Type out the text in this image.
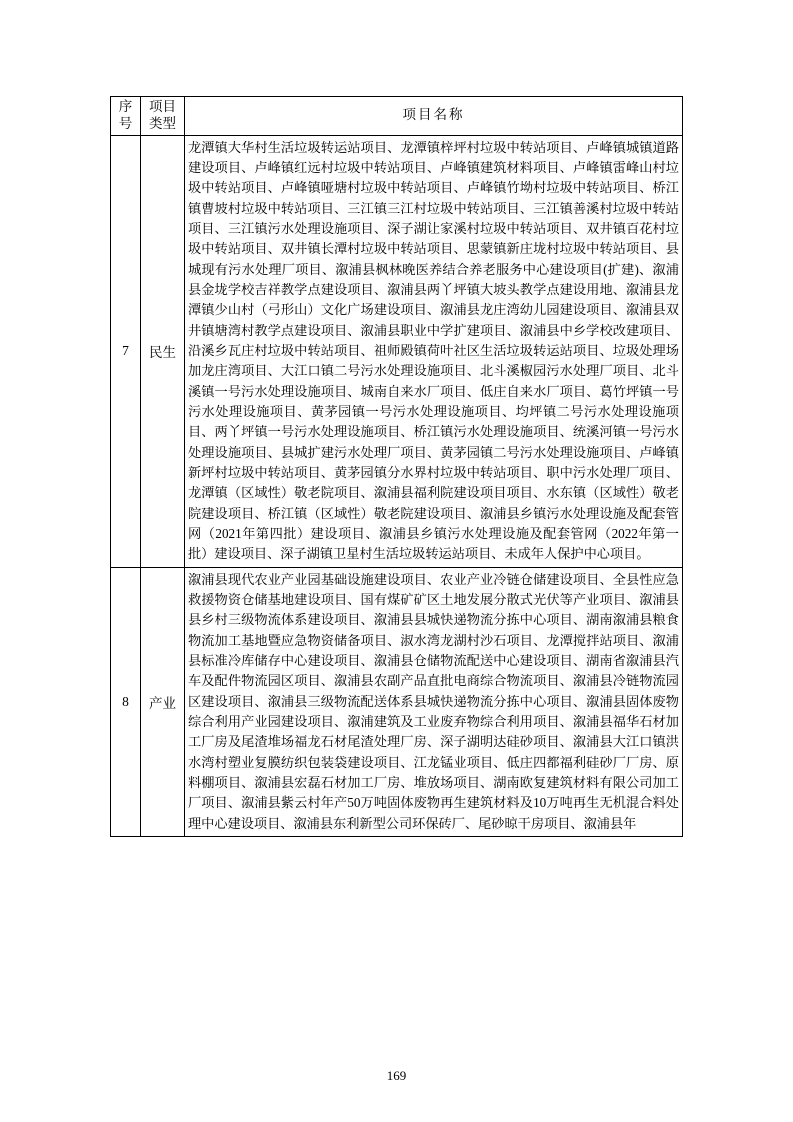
序号	项目类型	项目名称
7	民生	龙潭镇大华村生活垃圾转运站项目、龙潭镇梓坪村垃圾中转站项目、卢峰镇城镇道路建设项目、卢峰镇红远村垃圾中转站项目、卢峰镇建筑材料项目、卢峰镇雷峰山村垃圾中转站项目、卢峰镇哑塘村垃圾中转站项目、卢峰镇竹坳村垃圾中转站项目、桥江镇曹坡村垃圾中转站项目、三江镇三江村垃圾中转站项目、三江镇善溪村垃圾中转站项目、三江镇污水处理设施项目、深子湖让家溪村垃圾中转站项目、双井镇百花村垃圾中转站项目、双井镇长潭村垃圾中转站项目、思蒙镇新庄垅村垃圾中转站项目、县城现有污水处理厂项目、溆浦县枫林晚医养结合养老服务中心建设项目(扩建)、溆浦县金垅学校吉祥教学点建设项目、溆浦县两丫坪镇大坡头教学点建设用地、溆浦县龙潭镇少山村（弓形山）文化广场建设项目、溆浦县龙庄湾幼儿园建设项目、溆浦县双井镇塘湾村教学点建设项目、溆浦县职业中学扩建项目、溆浦县中乡学校改建项目、沿溪乡瓦庄村垃圾中转站项目、祖师殿镇荷叶社区生活垃圾转运站项目、垃圾处理场加龙庄湾项目、大江口镇二号污水处理设施项目、北斗溪椒园污水处理厂项目、北斗溪镇一号污水处理设施项目、城南自来水厂项目、低庄自来水厂项目、葛竹坪镇一号污水处理设施项目、黄茅园镇一号污水处理设施项目、均坪镇二号污水处理设施项目、两丫坪镇一号污水处理设施项目、桥江镇污水处理设施项目、统溪河镇一号污水处理设施项目、县城扩建污水处理厂项目、黄茅园镇二号污水处理设施项目、卢峰镇新坪村垃圾中转站项目、黄茅园镇分水界村垃圾中转站项目、职中污水处理厂项目、龙潭镇（区域性）敬老院项目、溆浦县福利院建设项目项目、水东镇（区域性）敬老院建设项目、桥江镇（区域性）敬老院建设项目、溆浦县乡镇污水处理设施及配套管网（2021年第四批）建设项目、溆浦县乡镇污水处理设施及配套管网（2022年第一批）建设项目、深子湖镇卫星村生活垃圾转运站项目、未成年人保护中心项目。
8	产业	溆浦县现代农业产业园基础设施建设项目、农业产业冷链仓储建设项目、全县性应急救援物资仓储基地建设项目、国有煤矿矿区土地发展分散式光伏等产业项目、溆浦县县乡村三级物流体系建设项目、溆浦县县城快递物流分拣中心项目、湖南溆浦县粮食物流加工基地暨应急物资储备项目、淑水湾龙湖村沙石项目、龙潭搅拌站项目、溆浦县标准冷库储存中心建设项目、溆浦县仓储物流配送中心建设项目、湖南省溆浦县汽车及配件物流园区项目、溆浦县农副产品直批电商综合物流项目、溆浦县冷链物流园区建设项目、溆浦县三级物流配送体系县城快递物流分拣中心项目、溆浦县固体废物综合利用产业园建设项目、溆浦建筑及工业废弃物综合利用项目、溆浦县福华石材加工厂房及尾渣堆场福龙石材尾渣处理厂房、深子湖明达硅砂项目、溆浦县大江口镇洪水湾村塑业复膜纺织包装袋建设项目、江龙锰业项目、低庄四都福利硅砂厂厂房、原料棚项目、溆浦县宏磊石材加工厂房、堆放场项目、湖南欧复建筑材料有限公司加工厂项目、溆浦县紫云村年产50万吨固体废物再生建筑材料及10万吨再生无机混合料处理中心建设项目、溆浦县东利新型公司环保砖厂、尾砂晾干房项目、溆浦县年
169
